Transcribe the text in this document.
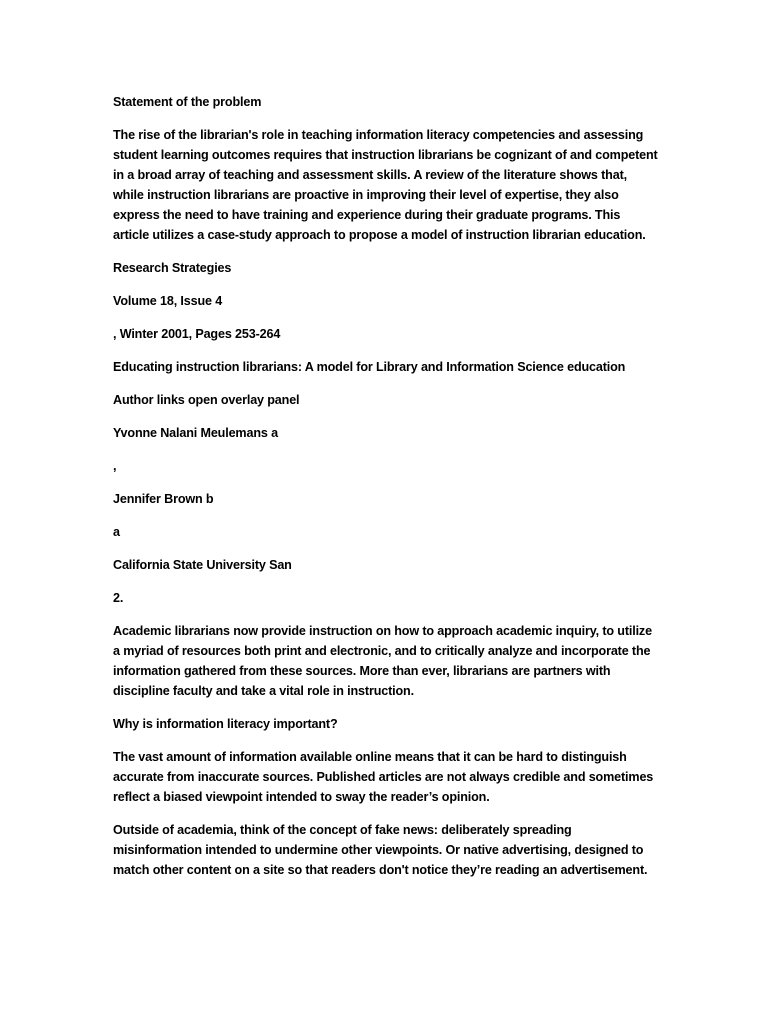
Statement of the problem

The rise of the librarian's role in teaching information literacy competencies and assessing student learning outcomes requires that instruction librarians be cognizant of and competent in a broad array of teaching and assessment skills. A review of the literature shows that, while instruction librarians are proactive in improving their level of expertise, they also express the need to have training and experience during their graduate programs. This article utilizes a case-study approach to propose a model of instruction librarian education.

Research Strategies

Volume 18, Issue 4

, Winter 2001, Pages 253-264

Educating instruction librarians: A model for Library and Information Science education

Author links open overlay panel

Yvonne Nalani Meulemans a

,

Jennifer Brown b

a

California State University San

2.

Academic librarians now provide instruction on how to approach academic inquiry, to utilize a myriad of resources both print and electronic, and to critically analyze and incorporate the information gathered from these sources. More than ever, librarians are partners with discipline faculty and take a vital role in instruction.

Why is information literacy important?

The vast amount of information available online means that it can be hard to distinguish accurate from inaccurate sources. Published articles are not always credible and sometimes reflect a biased viewpoint intended to sway the reader’s opinion.

Outside of academia, think of the concept of fake news: deliberately spreading misinformation intended to undermine other viewpoints. Or native advertising, designed to match other content on a site so that readers don't notice they’re reading an advertisement.
